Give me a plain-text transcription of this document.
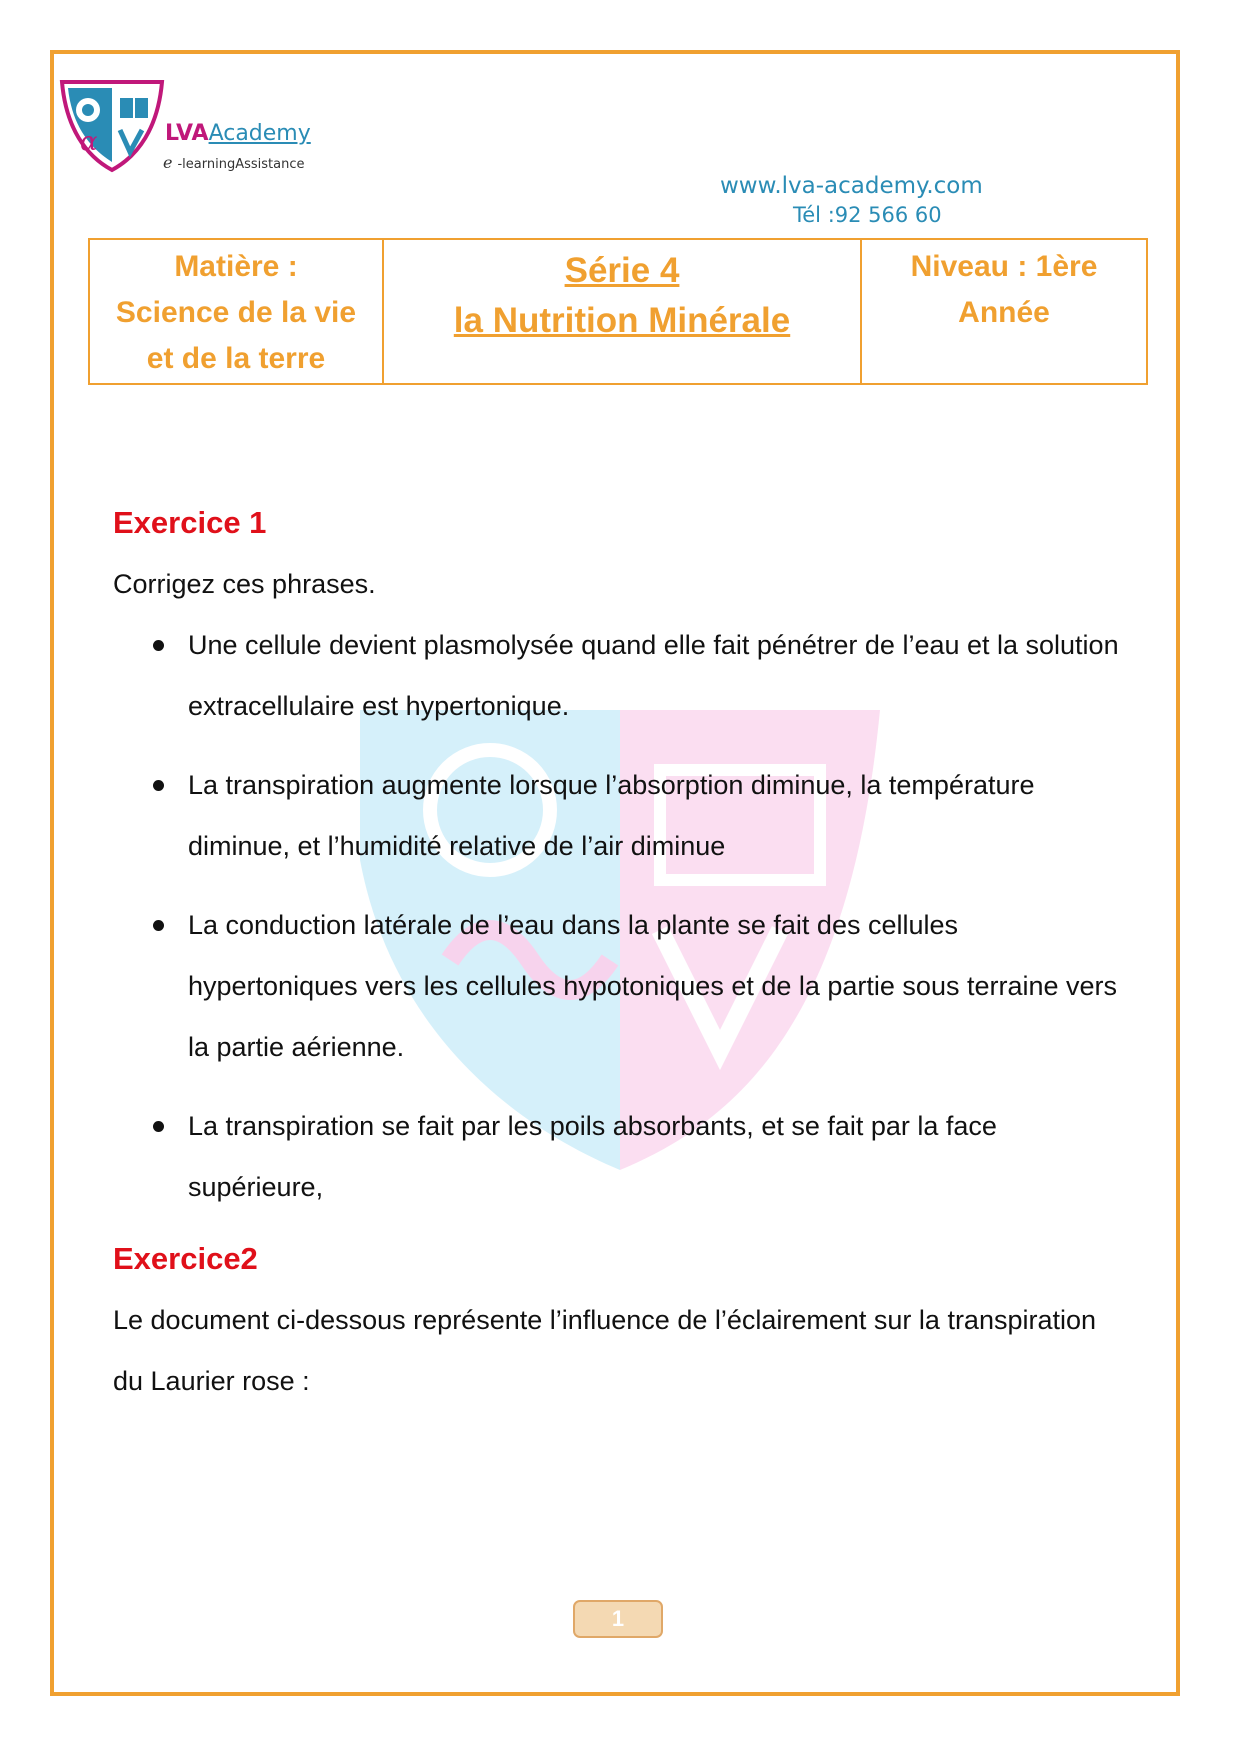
α	LVAAcademy
e -learningAssistance
www.lva-academy.com
Tél :92 566 60
Matière :
Science de la vie
et de la terre

Série 4
la Nutrition Minérale

Niveau : 1ère
Année
Exercice 1
Corrigez ces phrases.
Une cellule devient plasmolysée quand elle fait pénétrer de l’eau et la solution extracellulaire est hypertonique.
La transpiration augmente lorsque l’absorption diminue, la température diminue, et l’humidité relative de l’air diminue
La conduction latérale de l’eau dans la plante se fait des cellules hypertoniques vers les cellules hypotoniques et de la partie sous terraine vers la partie aérienne.
La transpiration se fait par les poils absorbants, et se fait par la face supérieure,
Exercice2
Le document ci-dessous représente l’influence de l’éclairement sur la transpiration du Laurier rose :
1
